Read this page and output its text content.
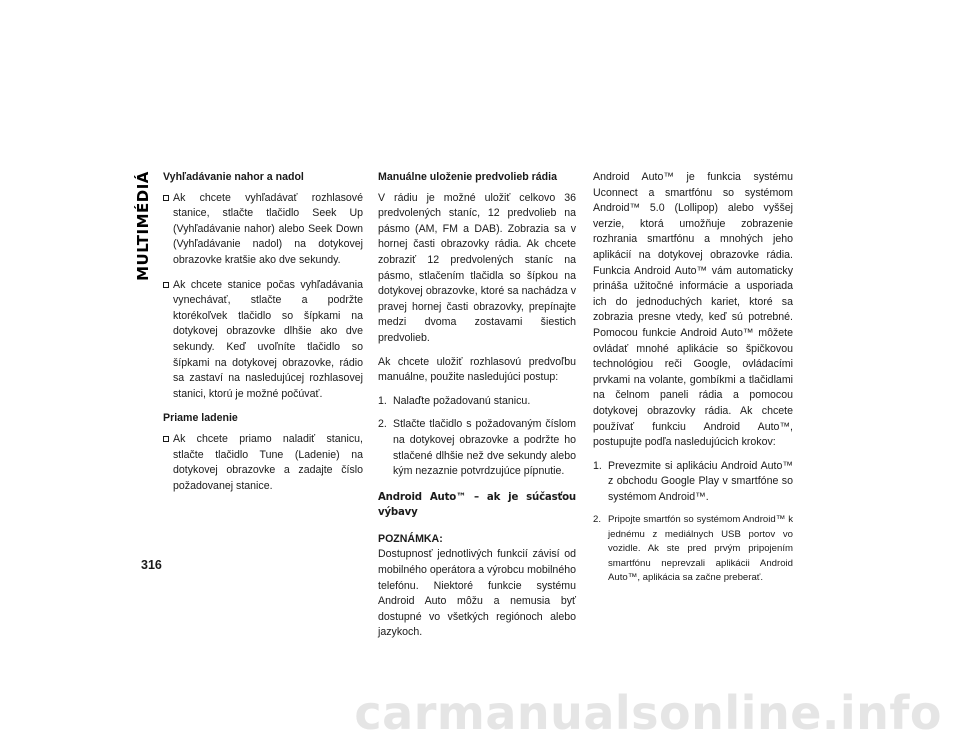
MULTIMÉDIÁ Vyhľadávanie nahor a nadol
Ak chcete vyhľadávať rozhlasové stanice, stlačte tlačidlo Seek Up (Vyhľadávanie nahor) alebo Seek Down (Vyhľadávanie nadol) na dotykovej obrazovke kratšie ako dve sekundy.
Ak chcete stanice počas vyhľadávania vynechávať, stlačte a podržte ktorékoľvek tlačidlo so šípkami na dotykovej obrazovke dlhšie ako dve sekundy. Keď uvoľníte tlačidlo so šípkami na dotykovej obrazovke, rádio sa zastaví na nasledujúcej rozhlasovej stanici, ktorú je možné počúvať.
Priame ladenie
Ak chcete priamo naladiť stanicu, stlačte tlačidlo Tune (Ladenie) na dotykovej obrazovke a zadajte číslo požadovanej stanice.
Manuálne uloženie predvolieb rádia

V rádiu je možné uložiť celkovo 36 predvolených staníc, 12 predvolieb na pásmo (AM, FM a DAB). Zobrazia sa v hornej časti obrazovky rádia. Ak chcete zobraziť 12 predvolených staníc na pásmo, stlačením tlačidla so šípkou na dotykovej obrazovke, ktoré sa nachádza v pravej hornej časti obrazovky, prepínajte medzi dvoma zostavami šiestich predvolieb.

Ak chcete uložiť rozhlasovú predvoľbu manuálne, použite nasledujúci postup:

1. Nalaďte požadovanú stanicu.
2. Stlačte tlačidlo s požadovaným číslom na dotykovej obrazovke a podržte ho stlačené dlhšie než dve sekundy alebo kým nezaznie potvrdzujúce pípnutie.
Android Auto™ – ak je súčasťou výbavy

POZNÁMKA:

Dostupnosť jednotlivých funkcií závisí od mobilného operátora a výrobcu mobilného telefónu. Niektoré funkcie systému Android Auto môžu a nemusia byť dostupné vo všetkých regiónoch alebo jazykoch.

Android Auto™ je funkcia systému Uconnect a smartfónu so systémom Android™ 5.0 (Lollipop) alebo vyššej verzie, ktorá umožňuje zobrazenie rozhrania smartfónu a mnohých jeho aplikácií na dotykovej obrazovke rádia. Funkcia Android Auto™ vám automaticky prináša užitočné informácie a usporiada ich do jednoduchých kariet, ktoré sa zobrazia presne vtedy, keď sú potrebné. Pomocou funkcie Android Auto™ môžete ovládať mnohé aplikácie so špičkovou technológiou reči Google, ovládacími prvkami na volante, gombíkmi a tlačidlami na čelnom paneli rádia a pomocou dotykovej obrazovky rádia. Ak chcete používať funkciu Android Auto™, postupujte podľa nasledujúcich krokov:

1. Prevezmite si aplikáciu Android Auto™ z obchodu Google Play v smartfóne so systémom Android™.
2. Pripojte smartfón so systémom Android™ k jednému z mediálnych USB portov vo vozidle. Ak ste pred prvým pripojením smartfónu neprevzali aplikácii Android Auto™, aplikácia sa začne preberať.
316
carmanualsonline.info
